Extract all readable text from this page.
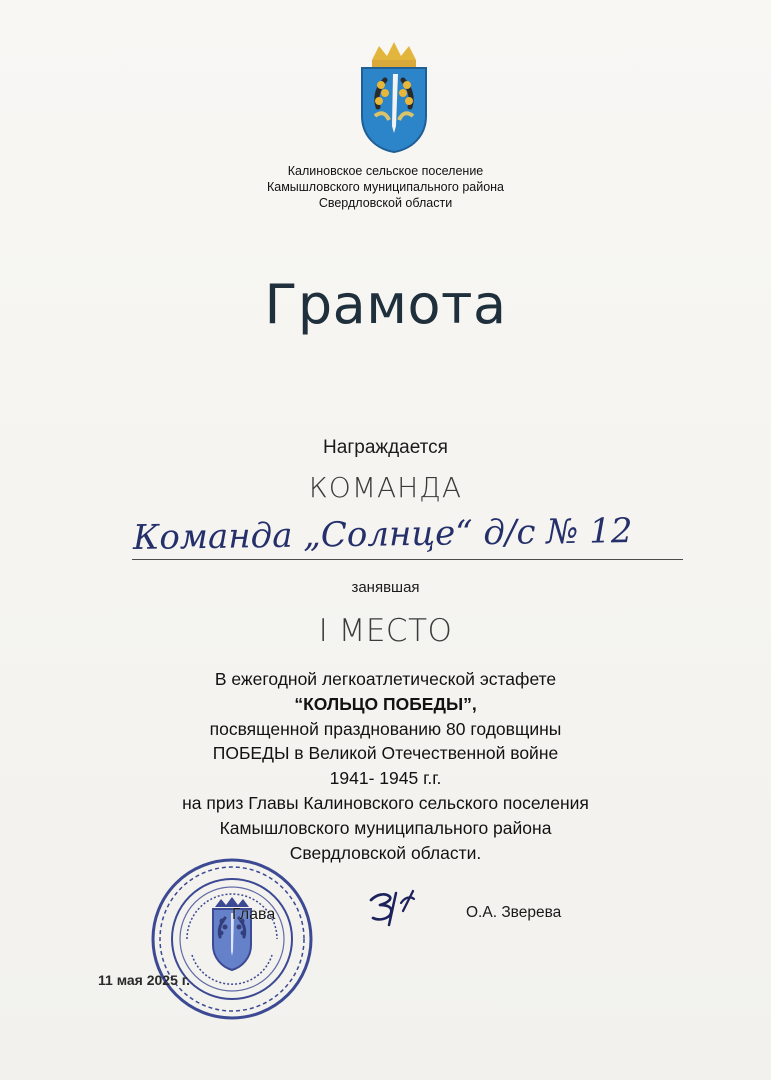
Калиновское сельское поселение
Камышловского муниципального района
Свердловской области
Грамота
Награждается
КОМАНДА
Команда „Солнце“ д/с № 12
занявшая
I МЕСТО
В ежегодной легкоатлетической эстафете
“КОЛЬЦО ПОБЕДЫ”,
посвященной празднованию 80 годовщины
ПОБЕДЫ в Великой Отечественной войне
1941- 1945 г.г.
на приз Главы Калиновского сельского поселения
Камышловского муниципального района
Свердловской области.
Глава	О.А. Зверева
11 мая 2025 г.
